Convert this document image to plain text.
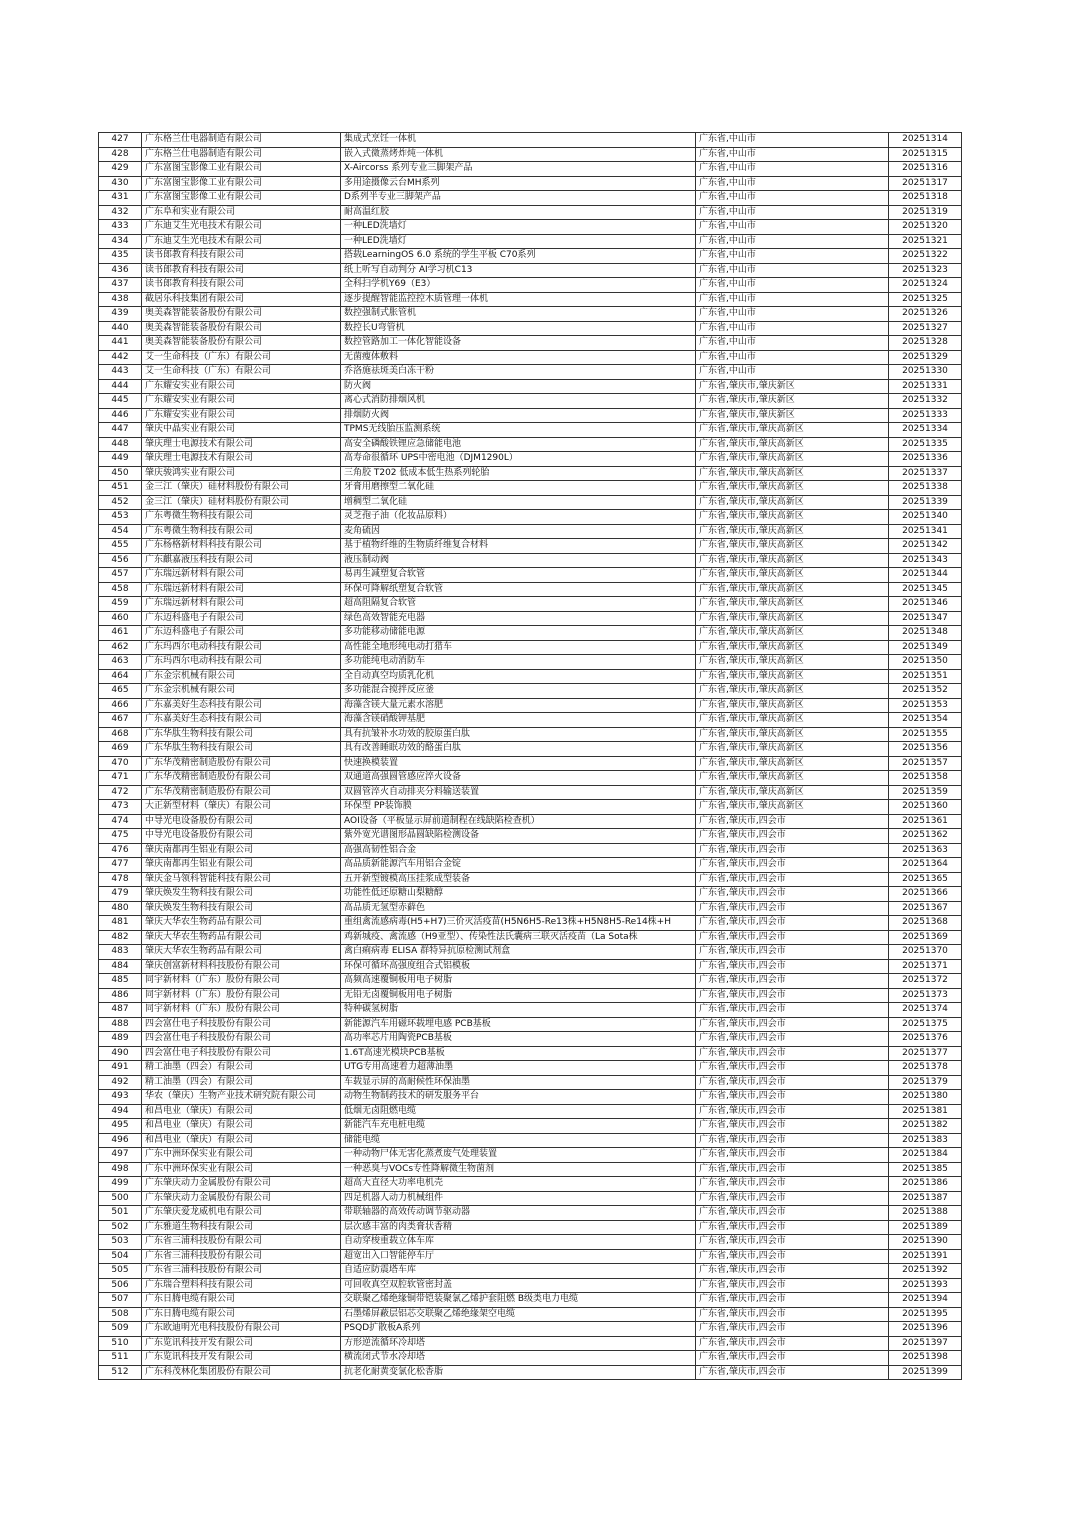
427	广东格兰仕电器制造有限公司	集成式烹饪一体机	广东省,中山市	20251314
428	广东格兰仕电器制造有限公司	嵌入式微蒸烤炸炖一体机	广东省,中山市	20251315
429	广东富图宝影像工业有限公司	X-Aircorss 系列专业三脚架产品	广东省,中山市	20251316
430	广东富图宝影像工业有限公司	多用途摄像云台MH系列	广东省,中山市	20251317
431	广东富图宝影像工业有限公司	D系列半专业三脚架产品	广东省,中山市	20251318
432	广东阜和实业有限公司	耐高温红胶	广东省,中山市	20251319
433	广东迪艾生光电技术有限公司	一种LED洗墙灯	广东省,中山市	20251320
434	广东迪艾生光电技术有限公司	一种LED洗墙灯	广东省,中山市	20251321
435	读书郎教育科技有限公司	搭载LearningOS 6.0 系统的学生平板 C70系列	广东省,中山市	20251322
436	读书郎教育科技有限公司	纸上听写自动判分 AI学习机C13	广东省,中山市	20251323
437	读书郎教育科技有限公司	全科扫学机Y69（E3）	广东省,中山市	20251324
438	截居乐科技集团有限公司	逐步提醒智能监控控木质管理一体机	广东省,中山市	20251325
439	奥美森智能装备股份有限公司	数控强制式胀管机	广东省,中山市	20251326
440	奥美森智能装备股份有限公司	数控长U弯管机	广东省,中山市	20251327
441	奥美森智能装备股份有限公司	数控管路加工一体化智能设备	广东省,中山市	20251328
442	艾一生命科技（广东）有限公司	无菌瘦体敷料	广东省,中山市	20251329
443	艾一生命科技（广东）有限公司	乔洛施祛斑美白冻干粉	广东省,中山市	20251330
444	广东耀安实业有限公司	防火阀	广东省,肇庆市,肇庆新区	20251331
445	广东耀安实业有限公司	离心式消防排烟风机	广东省,肇庆市,肇庆新区	20251332
446	广东耀安实业有限公司	排烟防火阀	广东省,肇庆市,肇庆新区	20251333
447	肇庆中晶实业有限公司	TPMS无线胎压监测系统	广东省,肇庆市,肇庆高新区	20251334
448	肇庆理士电源技术有限公司	高安全磷酸铁锂应急储能电池	广东省,肇庆市,肇庆高新区	20251335
449	肇庆理士电源技术有限公司	高寿命很循环 UPS中密电池（DJM1290L）	广东省,肇庆市,肇庆高新区	20251336
450	肇庆骏鸿实业有限公司	三角胶 T202 低成本低生热系列轮胎	广东省,肇庆市,肇庆高新区	20251337
451	金三江（肇庆）硅材料股份有限公司	牙膏用磨擦型二氧化硅	广东省,肇庆市,肇庆高新区	20251338
452	金三江（肇庆）硅材料股份有限公司	增稠型二氧化硅	广东省,肇庆市,肇庆高新区	20251339
453	广东粤微生物科技有限公司	灵芝孢子油（化妆品原料）	广东省,肇庆市,肇庆高新区	20251340
454	广东粤微生物科技有限公司	麦角硫因	广东省,肇庆市,肇庆高新区	20251341
455	广东杨格新材料科技有限公司	基于植物纤维的生物质纤维复合材料	广东省,肇庆市,肇庆高新区	20251342
456	广东麒嘉液压科技有限公司	液压制动阀	广东省,肇庆市,肇庆高新区	20251343
457	广东瑞远新材料有限公司	易再生减塑复合软管	广东省,肇庆市,肇庆高新区	20251344
458	广东瑞远新材料有限公司	环保可降解纸塑复合软管	广东省,肇庆市,肇庆高新区	20251345
459	广东瑞远新材料有限公司	超高阻隔复合软管	广东省,肇庆市,肇庆高新区	20251346
460	广东迈科盛电子有限公司	绿色高效智能充电器	广东省,肇庆市,肇庆高新区	20251347
461	广东迈科盛电子有限公司	多功能移动储能电源	广东省,肇庆市,肇庆高新区	20251348
462	广东玛西尔电动科技有限公司	高性能全地形纯电动打猎车	广东省,肇庆市,肇庆高新区	20251349
463	广东玛西尔电动科技有限公司	多功能纯电动消防车	广东省,肇庆市,肇庆高新区	20251350
464	广东金宗机械有限公司	全自动真空均质乳化机	广东省,肇庆市,肇庆高新区	20251351
465	广东金宗机械有限公司	多功能混合搅拌反应釜	广东省,肇庆市,肇庆高新区	20251352
466	广东嘉美好生态科技有限公司	海藻含镁大量元素水溶肥	广东省,肇庆市,肇庆高新区	20251353
467	广东嘉美好生态科技有限公司	海藻含镁硝酸钾基肥	广东省,肇庆市,肇庆高新区	20251354
468	广东华肽生物科技有限公司	具有抗皱补水功效的胶原蛋白肽	广东省,肇庆市,肇庆高新区	20251355
469	广东华肽生物科技有限公司	具有改善睡眠功效的酪蛋白肽	广东省,肇庆市,肇庆高新区	20251356
470	广东华茂精密制造股份有限公司	快速换模装置	广东省,肇庆市,肇庆高新区	20251357
471	广东华茂精密制造股份有限公司	双通道高强圆管感应淬火设备	广东省,肇庆市,肇庆高新区	20251358
472	广东华茂精密制造股份有限公司	双圆管淬火自动排夹分料输送装置	广东省,肇庆市,肇庆高新区	20251359
473	大正新型材料（肇庆）有限公司	环保型 PP装饰膜	广东省,肇庆市,肇庆高新区	20251360
474	中导光电设备股份有限公司	AOI设备（平板显示屏前道制程在线缺陷检查机）	广东省,肇庆市,四会市	20251361
475	中导光电设备股份有限公司	紫外宽光谱图形晶圆缺陷检测设备	广东省,肇庆市,四会市	20251362
476	肇庆南都再生铝业有限公司	高强高韧性铝合金	广东省,肇庆市,四会市	20251363
477	肇庆南都再生铝业有限公司	高品质新能源汽车用铝合金锭	广东省,肇庆市,四会市	20251364
478	肇庆金马领科智能科技有限公司	五开新型镀模高压挂浆成型装备	广东省,肇庆市,四会市	20251365
479	肇庆焕发生物科技有限公司	功能性低还原糖山梨糖醇	广东省,肇庆市,四会市	20251366
480	肇庆焕发生物科技有限公司	高品质无氢型赤藓色	广东省,肇庆市,四会市	20251367
481	肇庆大华农生物药品有限公司	重组禽流感病毒(H5+H7)三价灭活疫苗(H5N6H5-Re13株+H5N8H5-Re14株+H	广东省,肇庆市,四会市	20251368
482	肇庆大华农生物药品有限公司	鸡新城疫、禽流感（H9亚型）、传染性法氏囊病三联灭活疫苗（La Sota株	广东省,肇庆市,四会市	20251369
483	肇庆大华农生物药品有限公司	禽白痢病毒 ELISA 群特异抗原检测试剂盒	广东省,肇庆市,四会市	20251370
484	肇庆创富新材料科技股份有限公司	环保可循环高强度组合式铝模板	广东省,肇庆市,四会市	20251371
485	同宇新材料（广东）股份有限公司	高频高速覆铜板用电子树脂	广东省,肇庆市,四会市	20251372
486	同宇新材料（广东）股份有限公司	无铅无卤覆铜板用电子树脂	广东省,肇庆市,四会市	20251373
487	同宇新材料（广东）股份有限公司	特种碳氢树脂	广东省,肇庆市,四会市	20251374
488	四会富仕电子科技股份有限公司	新能源汽车用磁环载埋电感 PCB基板	广东省,肇庆市,四会市	20251375
489	四会富仕电子科技股份有限公司	高功率芯片用陶瓷PCB基板	广东省,肇庆市,四会市	20251376
490	四会富仕电子科技股份有限公司	1.6T高速光模块PCB基板	广东省,肇庆市,四会市	20251377
491	精工油墨（四会）有限公司	UTG专用高速着力超薄油墨	广东省,肇庆市,四会市	20251378
492	精工油墨（四会）有限公司	车载显示屏的高耐候性环保油墨	广东省,肇庆市,四会市	20251379
493	华农（肇庆）生物产业技术研究院有限公司	动物生物制药技术的研发服务平台	广东省,肇庆市,四会市	20251380
494	和昌电业（肇庆）有限公司	低烟无卤阻燃电缆	广东省,肇庆市,四会市	20251381
495	和昌电业（肇庆）有限公司	新能汽车充电桩电缆	广东省,肇庆市,四会市	20251382
496	和昌电业（肇庆）有限公司	储能电缆	广东省,肇庆市,四会市	20251383
497	广东中洲环保实业有限公司	一种动物尸体无害化蒸煮废气处理装置	广东省,肇庆市,四会市	20251384
498	广东中洲环保实业有限公司	一种恶臭与VOCs专性降解微生物菌剂	广东省,肇庆市,四会市	20251385
499	广东肇庆动力金属股份有限公司	超高大直径大功率电机壳	广东省,肇庆市,四会市	20251386
500	广东肇庆动力金属股份有限公司	四足机器人动力机械组件	广东省,肇庆市,四会市	20251387
501	广东肇庆爱龙威机电有限公司	带联轴器的高效传动调节驱动器	广东省,肇庆市,四会市	20251388
502	广东雅道生物科技有限公司	层次感丰富的肉类膏状香精	广东省,肇庆市,四会市	20251389
503	广东省三浦科技股份有限公司	自动穿梭重载立体车库	广东省,肇庆市,四会市	20251390
504	广东省三浦科技股份有限公司	超宽出入口智能停车厅	广东省,肇庆市,四会市	20251391
505	广东省三浦科技股份有限公司	自适应防震塔车库	广东省,肇庆市,四会市	20251392
506	广东瑞合塑料科技有限公司	可回收真空双腔软管密封盖	广东省,肇庆市,四会市	20251393
507	广东日腾电缆有限公司	交联聚乙烯绝缘铜带铠装聚氯乙烯护套阻燃 B级类电力电缆	广东省,肇庆市,四会市	20251394
508	广东日腾电缆有限公司	石墨烯屏蔽层铝芯交联聚乙烯绝缘架空电缆	广东省,肇庆市,四会市	20251395
509	广东欧迪明光电科技股份有限公司	PSQD扩散板A系列	广东省,肇庆市,四会市	20251396
510	广东览讯科技开发有限公司	方形逆流循环冷却塔	广东省,肇庆市,四会市	20251397
511	广东览讯科技开发有限公司	横流闭式节水冷却塔	广东省,肇庆市,四会市	20251398
512	广东科茂林化集团股份有限公司	抗老化耐黄变氯化松香脂	广东省,肇庆市,四会市	20251399
